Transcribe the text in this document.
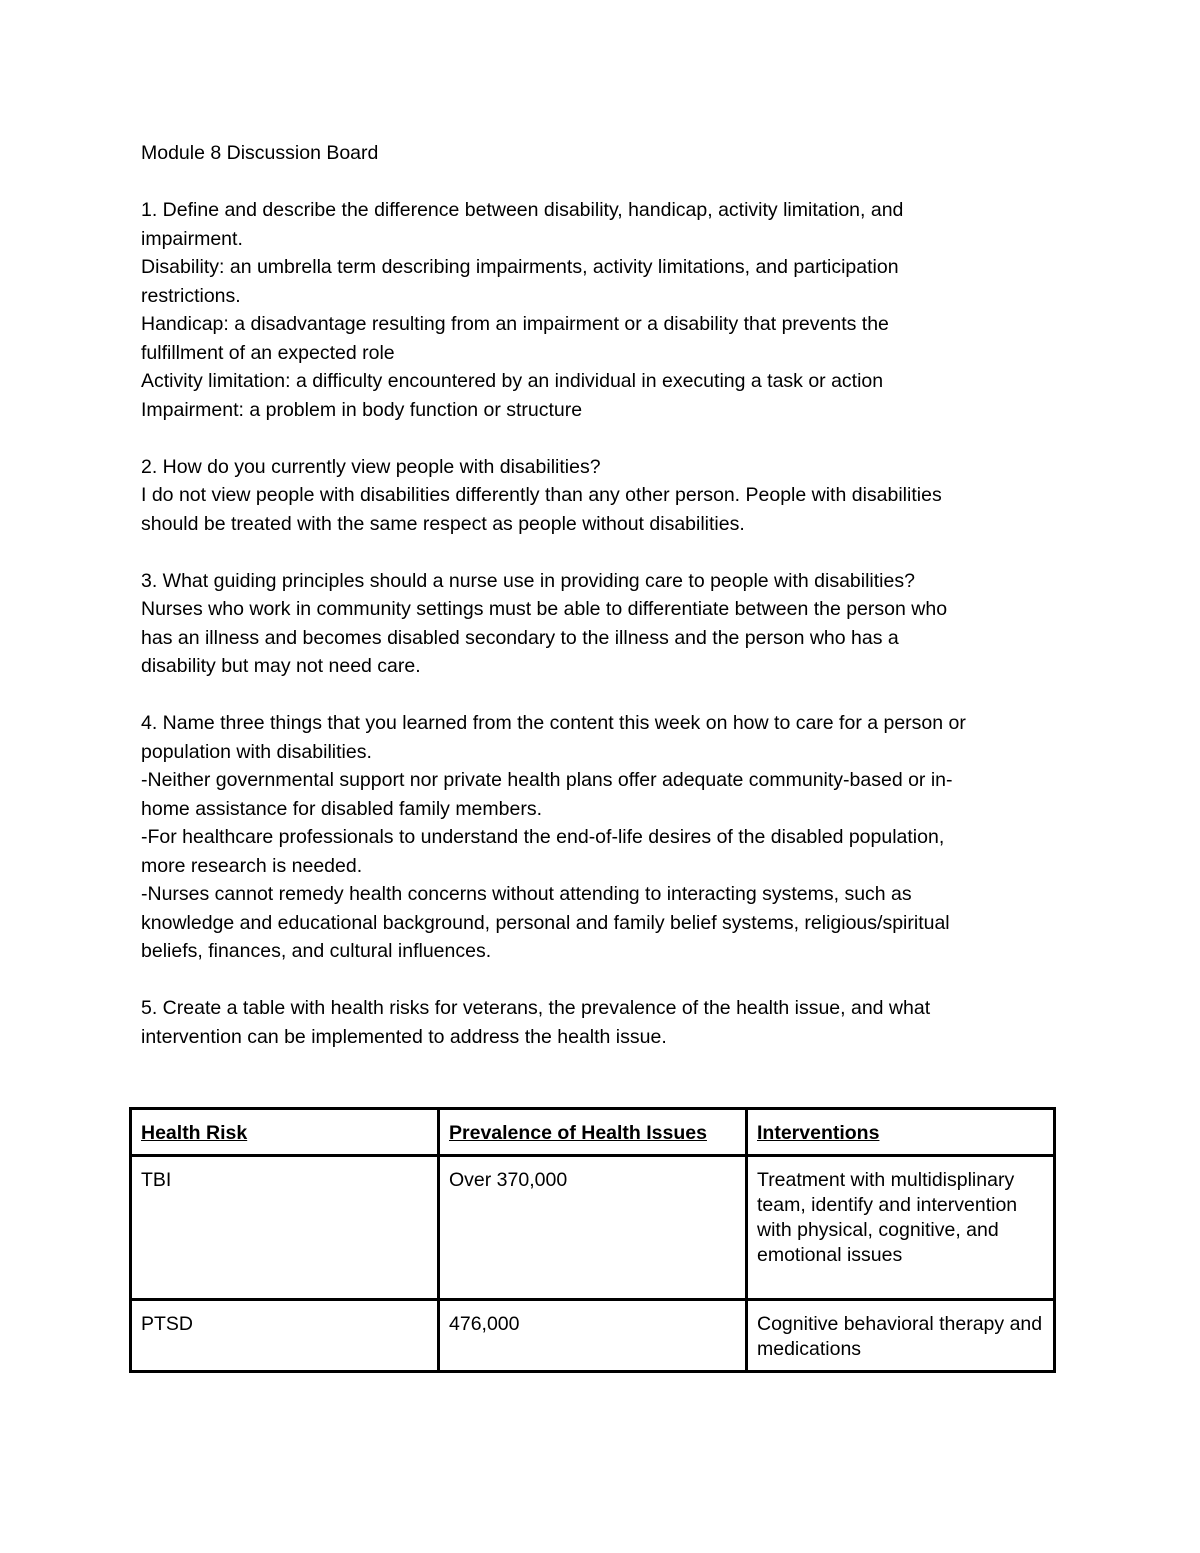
Module 8 Discussion Board
1. Define and describe the difference between disability, handicap, activity limitation, and
impairment.
Disability: an umbrella term describing impairments, activity limitations, and participation
restrictions.
Handicap: a disadvantage resulting from an impairment or a disability that prevents the
fulfillment of an expected role
Activity limitation: a difficulty encountered by an individual in executing a task or action
Impairment: a problem in body function or structure
2. How do you currently view people with disabilities?
I do not view people with disabilities differently than any other person. People with disabilities
should be treated with the same respect as people without disabilities.
3. What guiding principles should a nurse use in providing care to people with disabilities?
Nurses who work in community settings must be able to differentiate between the person who
has an illness and becomes disabled secondary to the illness and the person who has a
disability but may not need care.
4. Name three things that you learned from the content this week on how to care for a person or
population with disabilities.
-Neither governmental support nor private health plans offer adequate community-based or in-
home assistance for disabled family members.
-For healthcare professionals to understand the end-of-life desires of the disabled population,
more research is needed.
-Nurses cannot remedy health concerns without attending to interacting systems, such as
knowledge and educational background, personal and family belief systems, religious/spiritual
beliefs, finances, and cultural influences.
5. Create a table with health risks for veterans, the prevalence of the health issue, and what
intervention can be implemented to address the health issue.
Health Risk	Prevalence of Health Issues	Interventions
TBI	Over 370,000	Treatment with multidisplinary team, identify and intervention with physical, cognitive, and emotional issues
PTSD	476,000	Cognitive behavioral therapy and medications
